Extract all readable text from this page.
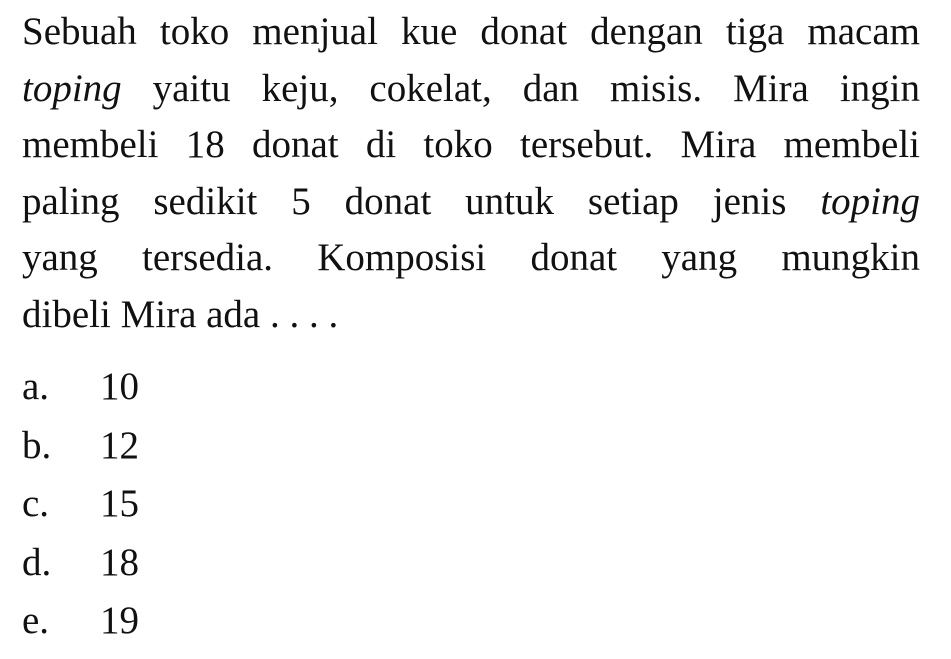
Sebuah toko menjual kue donat dengan tiga macam
toping yaitu keju, cokelat, dan misis. Mira ingin
membeli 18 donat di toko tersebut. Mira membeli
paling sedikit 5 donat untuk setiap jenis toping
yang tersedia. Komposisi donat yang mungkin
dibeli Mira ada . . . .
a.	10
b.	12
c.	15
d.	18
e.	19
